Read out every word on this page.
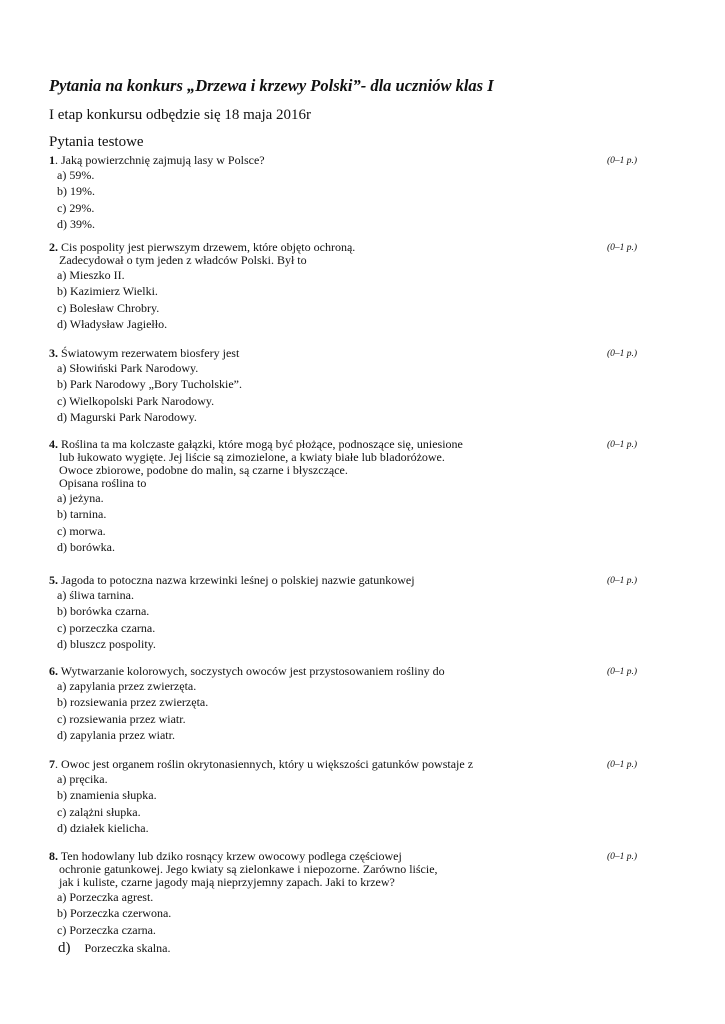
Pytania na konkurs „Drzewa i krzewy Polski”- dla uczniów klas I
I etap konkursu odbędzie się 18 maja 2016r
Pytania testowe
1. Jaką powierzchnię zajmują lasy w Polsce?	(0–1 p.)
a) 59%.
b) 19%.
c) 29%.
d) 39%.
2. Cis pospolity jest pierwszym drzewem, które objęto ochroną.	(0–1 p.)
Zadecydował o tym jeden z władców Polski. Był to
a) Mieszko II.
b) Kazimierz Wielki.
c) Bolesław Chrobry.
d) Władysław Jagiełło.
3. Światowym rezerwatem biosfery jest	(0–1 p.)
a) Słowiński Park Narodowy.
b) Park Narodowy „Bory Tucholskie”.
c) Wielkopolski Park Narodowy.
d) Magurski Park Narodowy.
4. Roślina ta ma kolczaste gałązki, które mogą być płożące, podnoszące się, uniesione	(0–1 p.)
lub łukowato wygięte. Jej liście są zimozielone, a kwiaty białe lub bladoróżowe.
Owoce zbiorowe, podobne do malin, są czarne i błyszczące.
Opisana roślina to
a) jeżyna.
b) tarnina.
c) morwa.
d) borówka.
5. Jagoda to potoczna nazwa krzewinki leśnej o polskiej nazwie gatunkowej	(0–1 p.)
a) śliwa tarnina.
b) borówka czarna.
c) porzeczka czarna.
d) bluszcz pospolity.
6. Wytwarzanie kolorowych, soczystych owoców jest przystosowaniem rośliny do	(0–1 p.)
a) zapylania przez zwierzęta.
b) rozsiewania przez zwierzęta.
c) rozsiewania przez wiatr.
d) zapylania przez wiatr.
7. Owoc jest organem roślin okrytonasiennych, który u większości gatunków powstaje z	(0–1 p.)
a) pręcika.
b) znamienia słupka.
c) zalążni słupka.
d) działek kielicha.
8. Ten hodowlany lub dziko rosnący krzew owocowy podlega częściowej	(0–1 p.)
ochronie gatunkowej. Jego kwiaty są zielonkawe i niepozorne. Zarówno liście,
jak i kuliste, czarne jagody mają nieprzyjemny zapach. Jaki to krzew?
a) Porzeczka agrest.
b) Porzeczka czerwona.
c) Porzeczka czarna.
d) Porzeczka skalna.
